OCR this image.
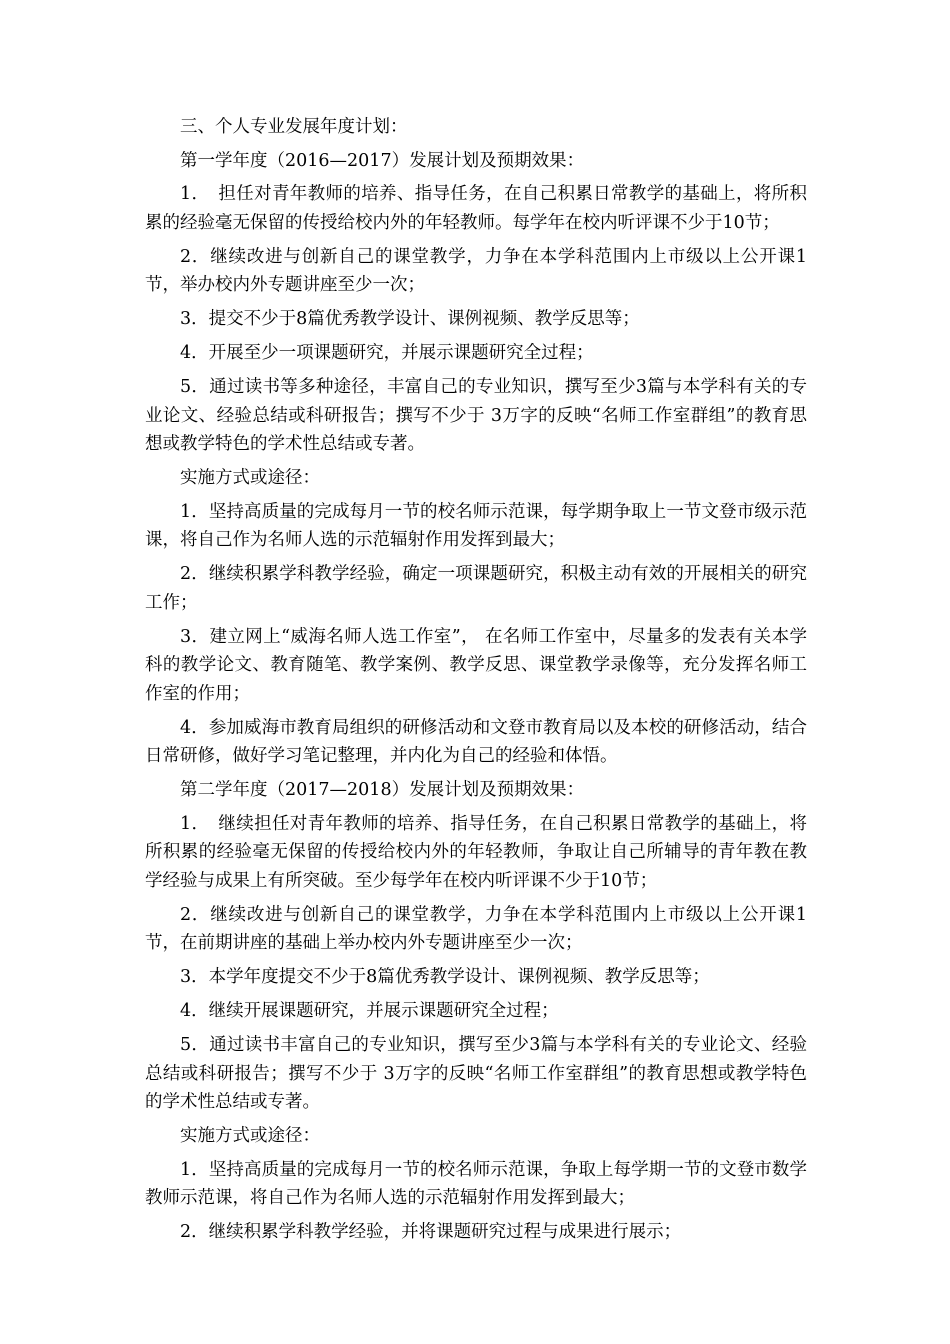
三、个人专业发展年度计划：

第一学年度（2016—2017）发展计划及预期效果：

1．　担任对青年教师的培养、指导任务，在自己积累日常教学的基础上，将所积累的经验毫无保留的传授给校内外的年轻教师。每学年在校内听评课不少于10节；

2．继续改进与创新自己的课堂教学，力争在本学科范围内上市级以上公开课1节，举办校内外专题讲座至少一次；

3．提交不少于8篇优秀教学设计、课例视频、教学反思等；

4．开展至少一项课题研究，并展示课题研究全过程；

5．通过读书等多种途径，丰富自己的专业知识，撰写至少3篇与本学科有关的专业论文、经验总结或科研报告；撰写不少于 3万字的反映“名师工作室群组”的教育思想或教学特色的学术性总结或专著。

实施方式或途径：

1．坚持高质量的完成每月一节的校名师示范课，每学期争取上一节文登市级示范课，将自己作为名师人选的示范辐射作用发挥到最大；

2．继续积累学科教学经验，确定一项课题研究，积极主动有效的开展相关的研究工作；

3．建立网上“威海名师人选工作室”， 在名师工作室中，尽量多的发表有关本学科的教学论文、教育随笔、教学案例、教学反思、课堂教学录像等，充分发挥名师工作室的作用；

4．参加威海市教育局组织的研修活动和文登市教育局以及本校的研修活动，结合日常研修，做好学习笔记整理，并内化为自己的经验和体悟。

第二学年度（2017—2018）发展计划及预期效果：

1．　继续担任对青年教师的培养、指导任务，在自己积累日常教学的基础上，将所积累的经验毫无保留的传授给校内外的年轻教师，争取让自己所辅导的青年教在教学经验与成果上有所突破。至少每学年在校内听评课不少于10节；

2．继续改进与创新自己的课堂教学，力争在本学科范围内上市级以上公开课1节，在前期讲座的基础上举办校内外专题讲座至少一次；

3．本学年度提交不少于8篇优秀教学设计、课例视频、教学反思等；

4．继续开展课题研究，并展示课题研究全过程；

5．通过读书丰富自己的专业知识，撰写至少3篇与本学科有关的专业论文、经验总结或科研报告；撰写不少于 3万字的反映“名师工作室群组”的教育思想或教学特色的学术性总结或专著。

实施方式或途径：

1．坚持高质量的完成每月一节的校名师示范课，争取上每学期一节的文登市数学教师示范课，将自己作为名师人选的示范辐射作用发挥到最大；

2．继续积累学科教学经验，并将课题研究过程与成果进行展示；
